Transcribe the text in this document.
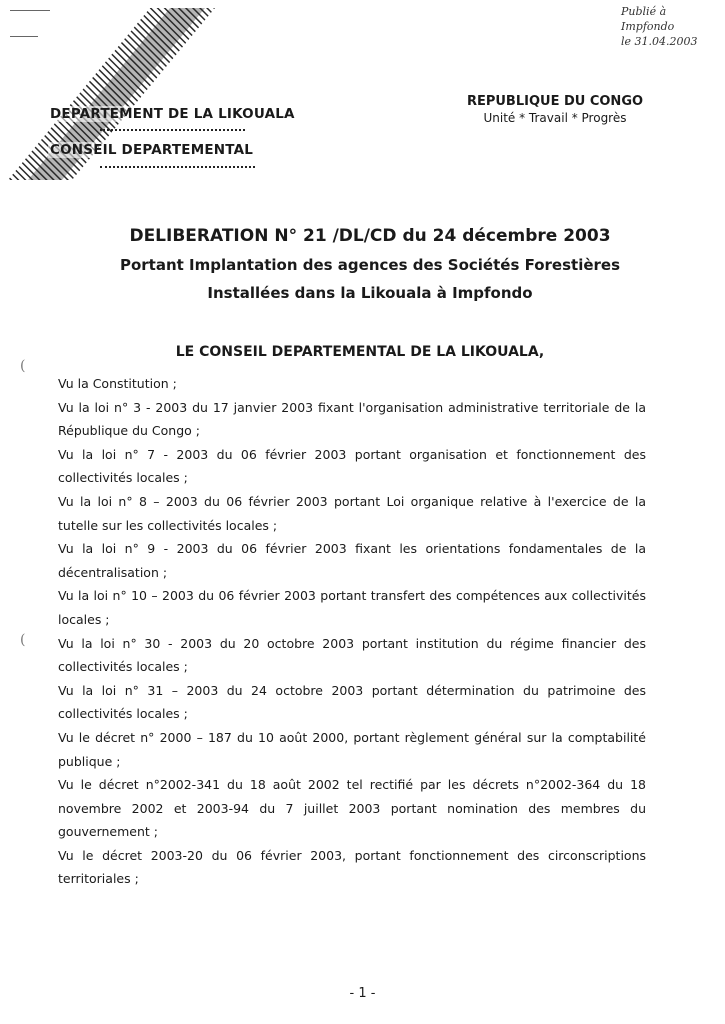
Publié à
Impfondo
le 31.04.2003
DEPARTEMENT DE LA LIKOUALA
CONSEIL DEPARTEMENTAL
REPUBLIQUE DU CONGO
Unité * Travail * Progrès
DELIBERATION N° 21 /DL/CD du 24 décembre 2003
Portant Implantation des agences des Sociétés Forestières
Installées dans la Likouala à Impfondo
LE CONSEIL DEPARTEMENTAL DE LA LIKOUALA,
(
(

Vu la Constitution ;

Vu la loi n° 3 - 2003 du 17 janvier 2003 fixant l'organisation administrative territoriale de la République du Congo ;

Vu la loi n° 7 - 2003 du 06 février 2003 portant organisation et fonctionnement des collectivités locales ;

Vu la loi n° 8 – 2003 du 06 février 2003 portant Loi organique relative à l'exercice de la tutelle sur les collectivités locales ;

Vu la loi n° 9 - 2003 du 06 février 2003 fixant les orientations fondamentales de la décentralisation ;

Vu la loi n° 10 – 2003 du 06 février 2003 portant transfert des compétences aux collectivités locales ;

Vu la loi n° 30 - 2003 du 20 octobre 2003 portant institution du régime financier des collectivités locales ;

Vu la loi n° 31 – 2003 du 24 octobre 2003 portant détermination du patrimoine des collectivités locales ;

Vu le décret n° 2000 – 187 du 10 août 2000, portant règlement général sur la comptabilité publique ;

Vu le décret n°2002-341 du 18 août 2002 tel rectifié par les décrets n°2002-364 du 18 novembre 2002 et 2003-94 du 7 juillet 2003 portant nomination des membres du gouvernement ;

Vu le décret 2003-20 du 06 février 2003, portant fonctionnement des circonscriptions territoriales ;

- 1 -
